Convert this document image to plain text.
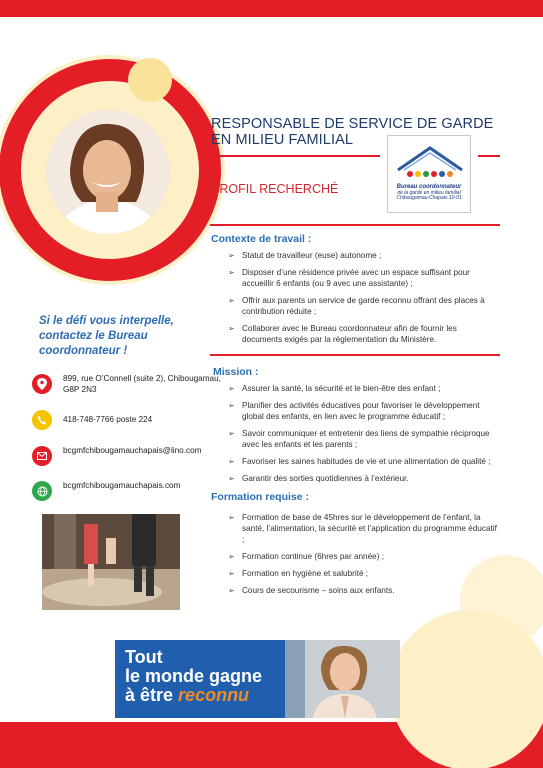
RESPONSABLE DE SERVICE DE GARDE
EN MILIEU FAMILIAL
PROFIL RECHERCHÉ	Bureau coordonnateur
de la garde en milieu familial
Chibougamau-Chapais 10-01
Contexte de travail :
➢ Statut de travailleur (euse) autonome ;
➢ Disposer d’une résidence privée avec un espace suffisant pour accueillir 6 enfants (ou 9 avec une assistante) ;
➢ Offrir aux parents un service de garde reconnu offrant des places à contribution réduite ;
➢ Collaborer avec le Bureau coordonnateur afin de fournir les documents exigés par la règlementation du Ministère.
Mission :
➢ Assurer la santé, la sécurité et le bien-être des enfant ;
➢ Planifier des activités éducatives pour favoriser le développement global des enfants, en lien avec le programme éducatif ;
➢ Savoir communiquer et entretenir des liens de sympathie réciproque avec les enfants et les parents ;
➢ Favoriser les saines habitudes de vie et une alimentation de qualité ;
➢ Garantir des sorties quotidiennes à l’extérieur.
Formation requise :
➢ Formation de base de 45hres sur le développement de l’enfant, la santé, l’alimentation, la sécurité et l’application du programme éducatif ;
➢ Formation continue (6hres par année) ;
➢ Formation en hygiène et salubrité ;
➢ Cours de secourisme – soins aux enfants.
Si le défi vous interpelle, contactez le Bureau coordonnateur !
899, rue O’Connell (suite 2), Chibougamau, G8P 2N3
418-748-7766 poste 224
bcgmfchibougamauchapais@lino.com
bcgmfchibougamauchapais.com
Tout
le monde gagne
à être reconnu
